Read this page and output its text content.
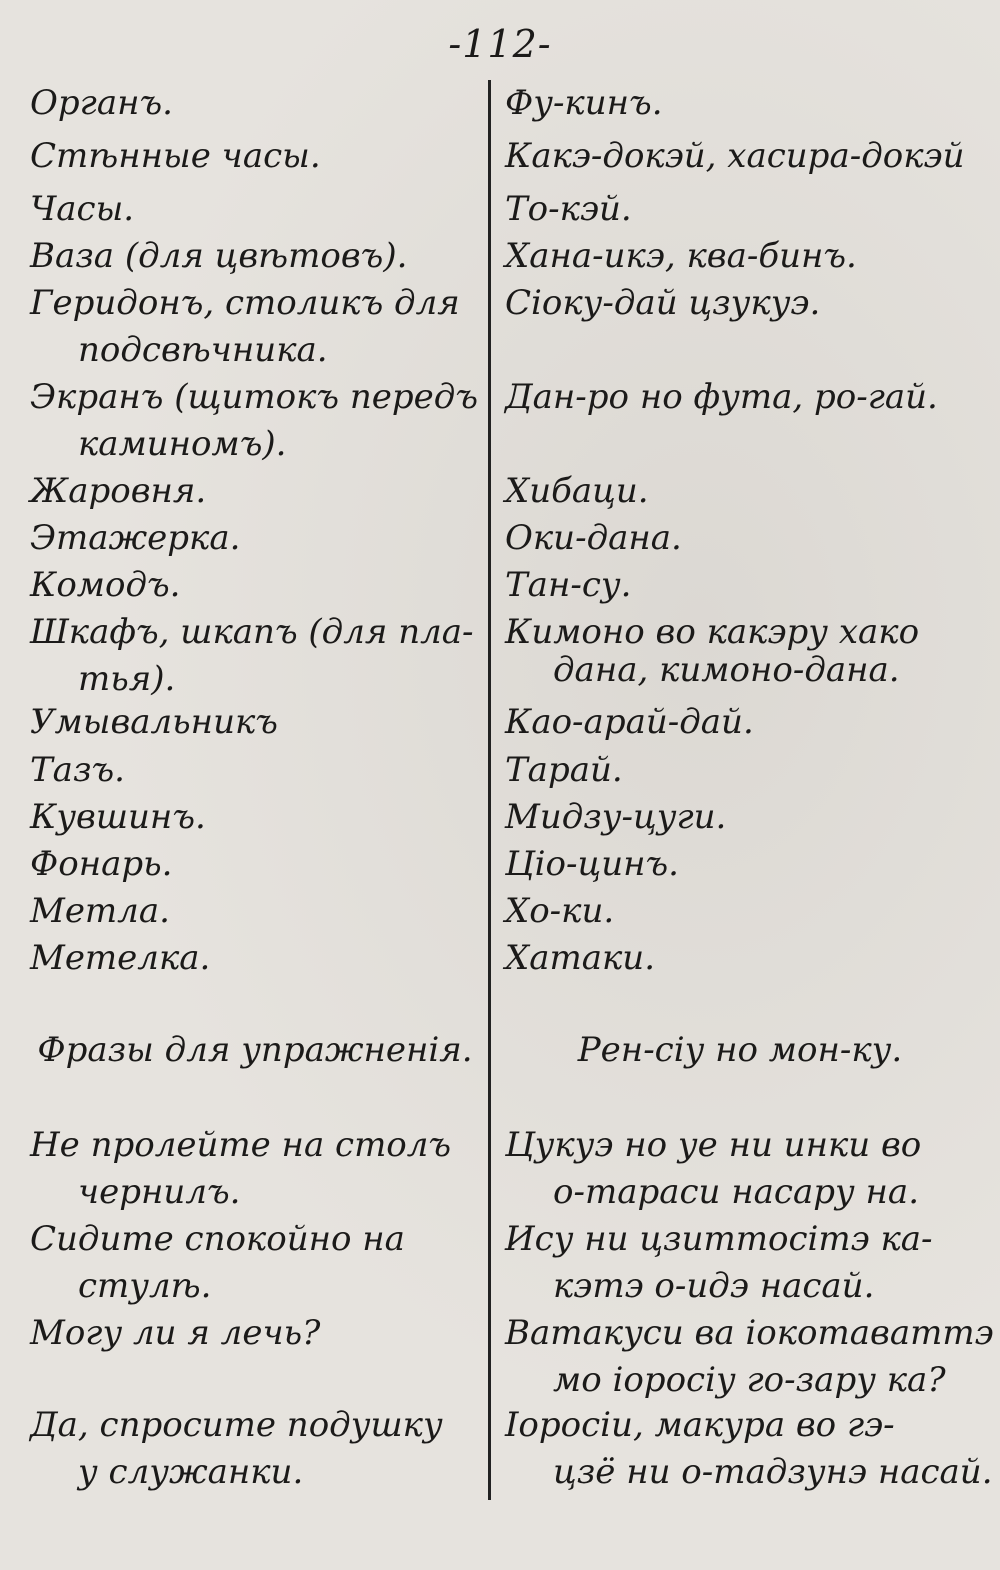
-112-
Органъ.
Стѣнные часы.
Часы.
Ваза (для цвѣтовъ).
Геридонъ, столикъ для
подсвѣчника.
Экранъ (щитокъ передъ
каминомъ).
Жаровня.
Этажерка.
Комодъ.
Шкафъ, шкапъ (для пла-
тья).
Умывальникъ
Тазъ.
Кувшинъ.
Фонарь.
Метла.
Метелка.
Фразы для упражненія.
Не пролейте на столъ
чернилъ.
Сидите спокойно на
стулѣ.
Могу ли я лечь?
Да, спросите подушку
у служанки.
Фу-кинъ.
Какэ-докэй, хасира-докэй
То-кэй.
Хана-икэ, ква-бинъ.
Сіоку-дай цзукуэ.
Дан-ро но фута, ро-гай.
Хибаци.
Оки-дана.
Тан-су.
Кимоно во какэру хако
дана, кимоно-дана.
Као-арай-дай.
Тарай.
Мидзу-цуги.
Ціо-цинъ.
Хо-ки.
Хатаки.
Рен-сіу но мон-ку.
Цукуэ но уе ни инки во
о-тараси насару на.
Ису ни цзиттосітэ ка-
кэтэ о-идэ насай.
Ватакуси ва іокотаваттэ
мо іоросіу го-зару ка?
Іоросіи, макура во гэ-
цзё ни о-тадзунэ насай.
